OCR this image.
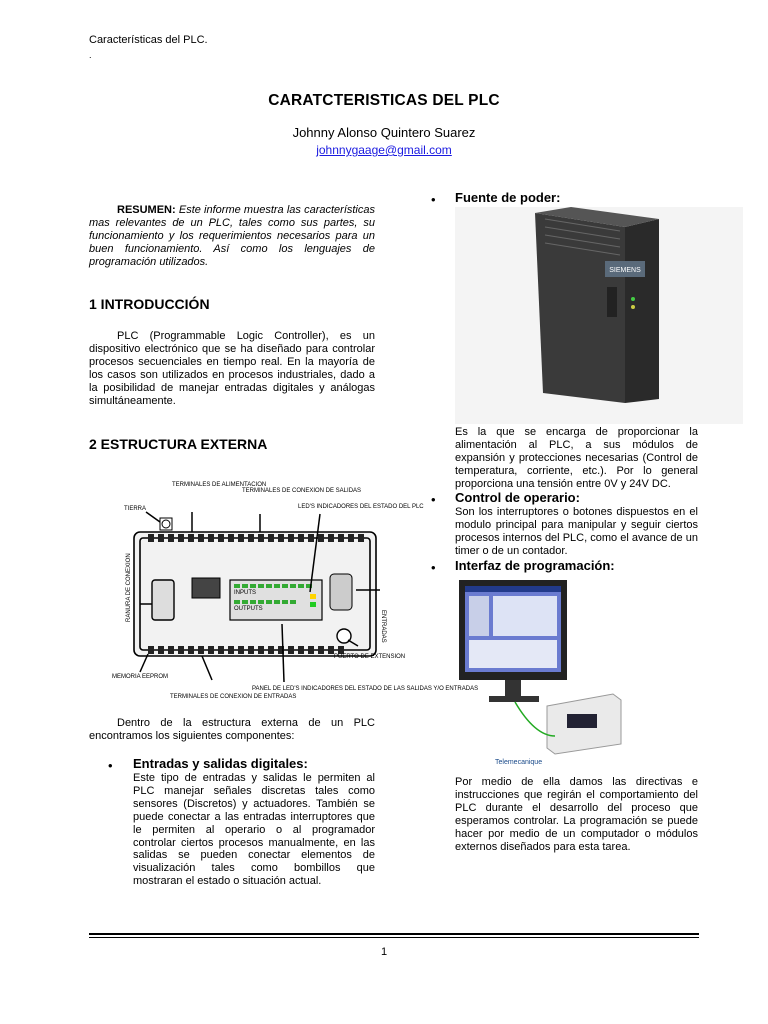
Características del PLC.
.
CARATCTERISTICAS DEL PLC
Johnny Alonso Quintero Suarez
johnnygaage@gmail.com
RESUMEN: Este informe muestra las características mas relevantes de un PLC, tales como sus partes, su funcionamiento y los requerimientos necesarios para un buen funcionamiento. Así como los lenguajes de programación utilizados.
1 INTRODUCCIÓN
PLC (Programmable Logic Controller), es un dispositivo electrónico que se ha diseñado para controlar procesos secuenciales en tiempo real. En la mayoría de los casos son utilizados en procesos industriales, dado a la posibilidad de manejar entradas digitales y análogas simultáneamente.
2 ESTRUCTURA EXTERNA
TERMINALES DE ALIMENTACION
TERMINALES DE CONEXION DE SALIDAS
LED'S INDICADORES DEL ESTADO DEL PLC
TIERRA
MEMORIA EEPROM
TERMINALES DE CONEXION DE ENTRADAS
PANEL DE LED'S INDICADORES DEL ESTADO DE LAS SALIDAS Y/O ENTRADAS
PUERTO DE EXTENSION
INPUTS
OUTPUTS
RANURA DE CONEXION
ENTRADAS
Dentro de la estructura externa de un PLC encontramos los siguientes componentes:
• Entradas y salidas digitales:
Este tipo de entradas y salidas le permiten al PLC manejar señales discretas tales como sensores (Discretos) y actuadores. También se puede conectar a las entradas interruptores que le permiten al operario o al programador controlar ciertos procesos manualmente, en las salidas se pueden conectar elementos de visualización tales como bombillos que mostraran el estado o situación actual.
• Fuente de poder:
SIEMENS
Es la que se encarga de proporcionar la alimentación al PLC, a sus módulos de expansión y protecciones necesarias (Control de temperatura, corriente, etc.). Por lo general proporciona una tensión entre 0V y 24V DC.
• Control de operario:
Son los interruptores o botones dispuestos en el modulo principal para manipular y seguir ciertos procesos internos del PLC, como el avance de un timer o de un contador.
• Interfaz de programación:
Telemecanique
Por medio de ella damos las directivas e instrucciones que regirán el comportamiento del PLC durante el desarrollo del proceso que esperamos controlar. La programación se puede hacer por medio de un computador o módulos externos diseñados para esta tarea.
1
